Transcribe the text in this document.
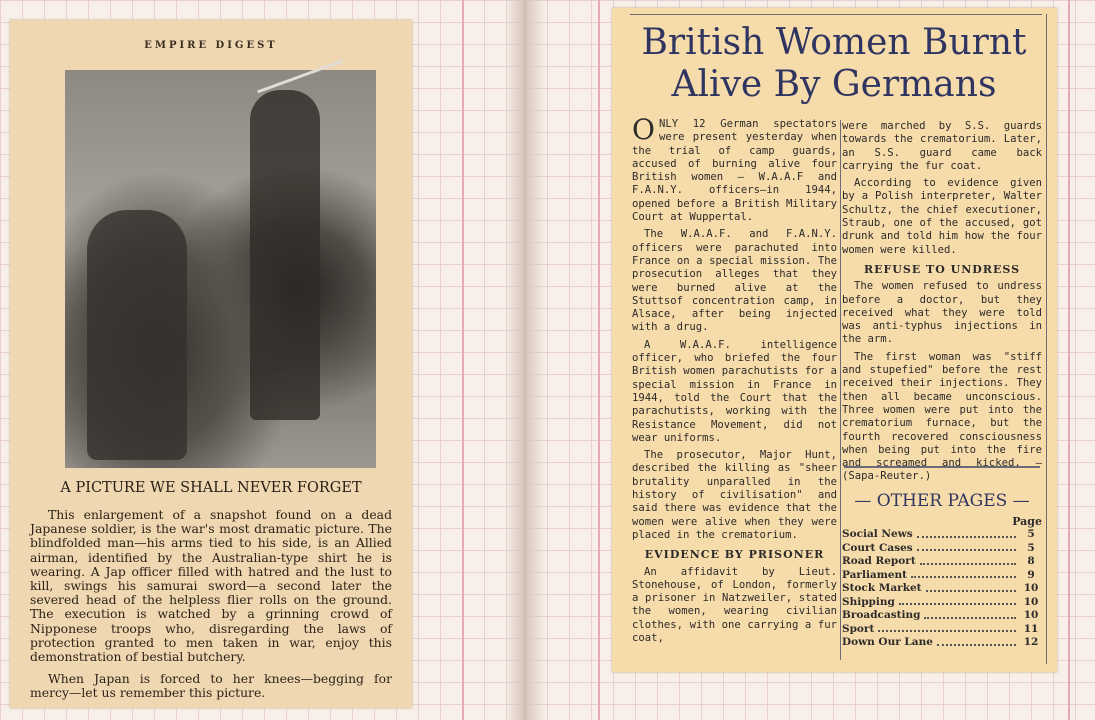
EMPIRE DIGEST
A PICTURE WE SHALL NEVER FORGET

This enlargement of a snapshot found on a dead Japanese soldier, is the war's most dramatic picture. The blindfolded man—his arms tied to his side, is an Allied airman, identified by the Australian-type shirt he is wearing. A Jap officer filled with hatred and the lust to kill, swings his samurai sword—a second later the severed head of the helpless flier rolls on the ground. The execution is watched by a grinning crowd of Nipponese troops who, disregarding the laws of protection granted to men taken in war, enjoy this demonstration of bestial butchery.

When Japan is forced to her knees—begging for mercy—let us remember this picture.

British Women Burnt Alive By Germans

ONLY 12 German spectators were present yesterday when the trial of camp guards, accused of burning alive four British women — W.A.A.F and F.A.N.Y. officers—in 1944, opened before a British Military Court at Wuppertal.

The W.A.A.F. and F.A.N.Y. officers were parachuted into France on a special mission. The prosecution alleges that they were burned alive at the Stuttsof concentration camp, in Alsace, after being injected with a drug.

A W.A.A.F. intelligence officer, who briefed the four British women parachutists for a special mission in France in 1944, told the Court that the parachutists, working with the Resistance Movement, did not wear uniforms.

The prosecutor, Major Hunt, described the killing as "sheer brutality unparalled in the history of civilisation" and said there was evidence that the women were alive when they were placed in the crematorium.

EVIDENCE BY PRISONER

An affidavit by Lieut. Stonehouse, of London, formerly a prisoner in Natzweiler, stated the women, wearing civilian clothes, with one carrying a fur coat,

were marched by S.S. guards towards the crematorium. Later, an S.S. guard came back carrying the fur coat.

According to evidence given by a Polish interpreter, Walter Schultz, the chief executioner, Straub, one of the accused, got drunk and told him how the four women were killed.

REFUSE TO UNDRESS

The women refused to undress before a doctor, but they received what they were told was anti-typhus injections in the arm.

The first woman was "stiff and stupefied" before the rest received their injections. They then all became unconscious. Three women were put into the crematorium furnace, but the fourth recovered consciousness when being put into the fire and screamed and kicked. — (Sapa-Reuter.)

— OTHER PAGES —
Page
Social News	5
Court Cases	5
Road Report	8
Parliament	9
Stock Market	10
Shipping	10
Broadcasting	10
Sport	11
Down Our Lane	12
